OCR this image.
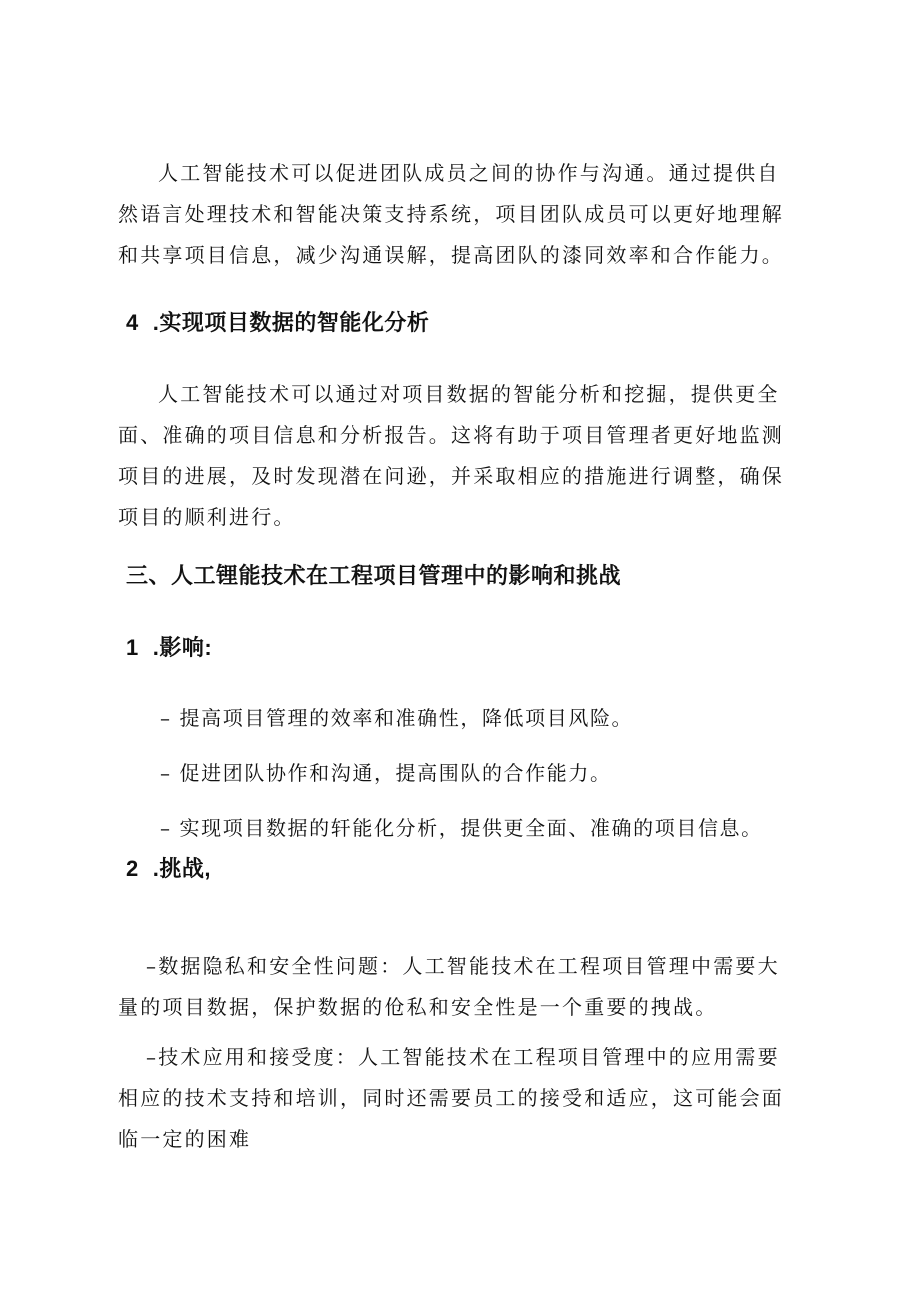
人工智能技术可以促进团队成员之间的协作与沟通。通过提供自然语言处理技术和智能决策支持系统，项目团队成员可以更好地理解和共享项目信息，减少沟通误解，提高团队的漆同效率和合作能力。

4 .实现项目数据的智能化分析

人工智能技术可以通过对项目数据的智能分析和挖掘，提供更全面、准确的项目信息和分析报告。这将有助于项目管理者更好地监测项目的进展，及时发现潜在问逊，并采取相应的措施进行调整，确保项目的顺利进行。

三、人工锂能技术在工程项目管理中的影响和挑战
1 .影响:

– 提高项目管理的效率和准确性，降低项目风险。

– 促进团队协作和沟通，提高围队的合作能力。

– 实现项目数据的轩能化分析，提供更全面、准确的项目信息。

2 .挑战,

–数据隐私和安全性问题：人工智能技术在工程项目管理中需要大量的项目数据，保护数据的伧私和安全性是一个重要的拽战。

–技术应用和接受度：人工智能技术在工程项目管理中的应用需要相应的技术支持和培训，同时还需要员工的接受和适应，这可能会面临一定的困难
